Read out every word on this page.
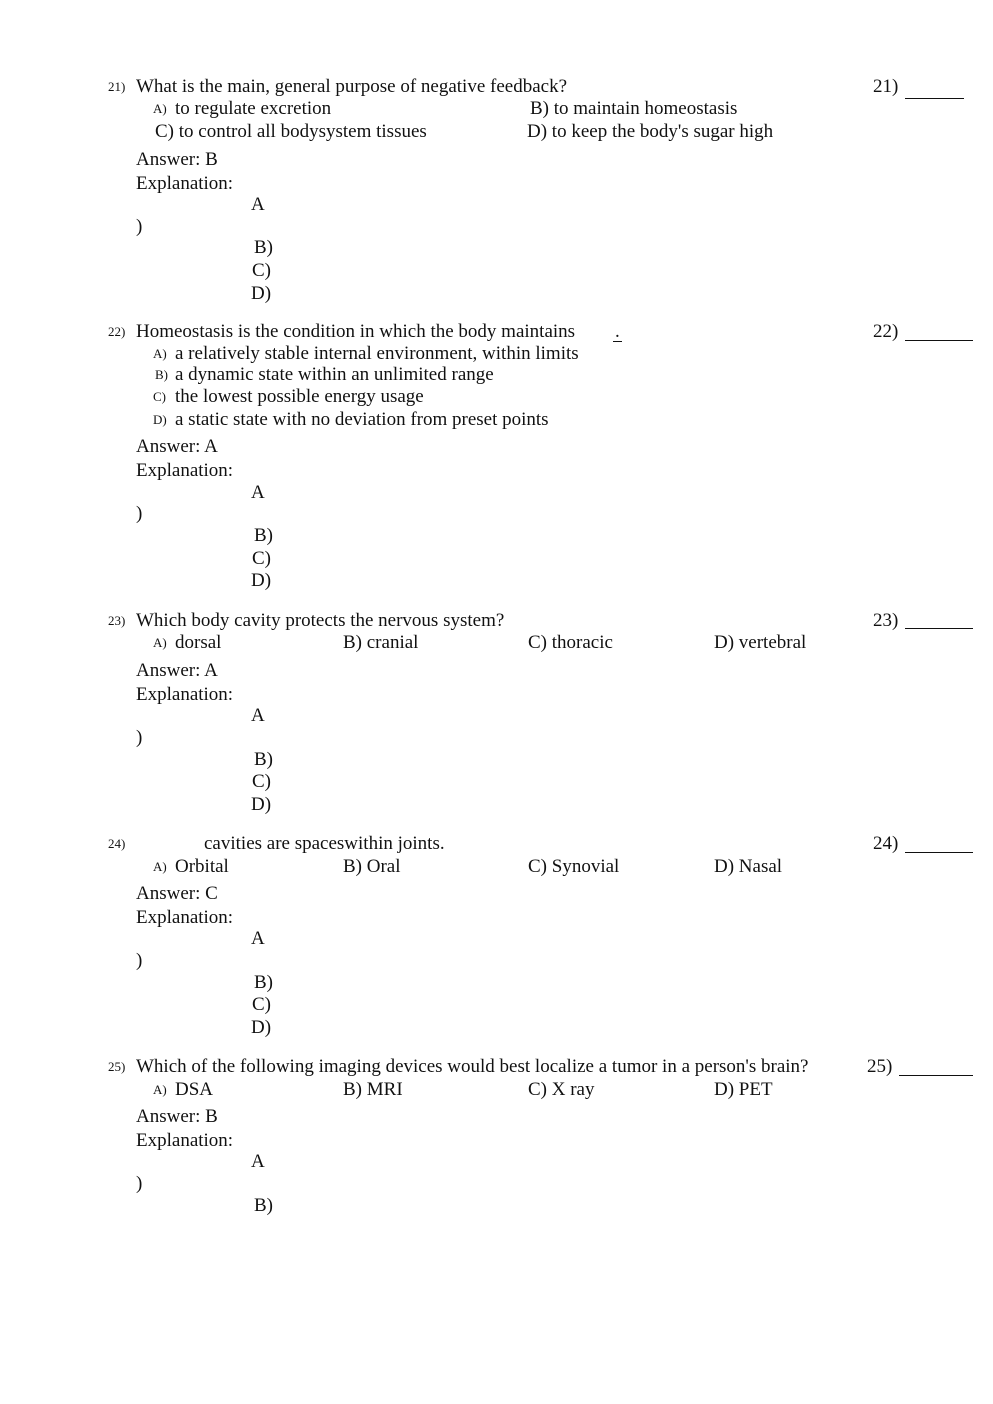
21) What is the main, general purpose of negative feedback?	21)
A) to regulate excretion	B) to maintain homeostasis
C) to control all bodysystem tissues	D) to keep the body's sugar high
Answer: B
Explanation:
A
)
B)
C)
D)
22) Homeostasis is the condition in which the body maintains .	22)
A) a relatively stable internal environment, within limits
B) a dynamic state within an unlimited range
C) the lowest possible energy usage
D) a static state with no deviation from preset points
Answer: A
Explanation:
A
)
B)
C)
D)
23) Which body cavity protects the nervous system?	23)
A) dorsal	B) cranial	C) thoracic	D) vertebral
Answer: A
Explanation:
A
)
B)
C)
D)
24)	cavities are spaceswithin joints.	24)
A) Orbital	B) Oral	C) Synovial	D) Nasal
Answer: C
Explanation:
A
)
B)
C)
D)
25) Which of the following imaging devices would best localize a tumor in a person's brain?	25)
A) DSA	B) MRI	C) X ray	D) PET
Answer: B
Explanation:
A
)
B)
